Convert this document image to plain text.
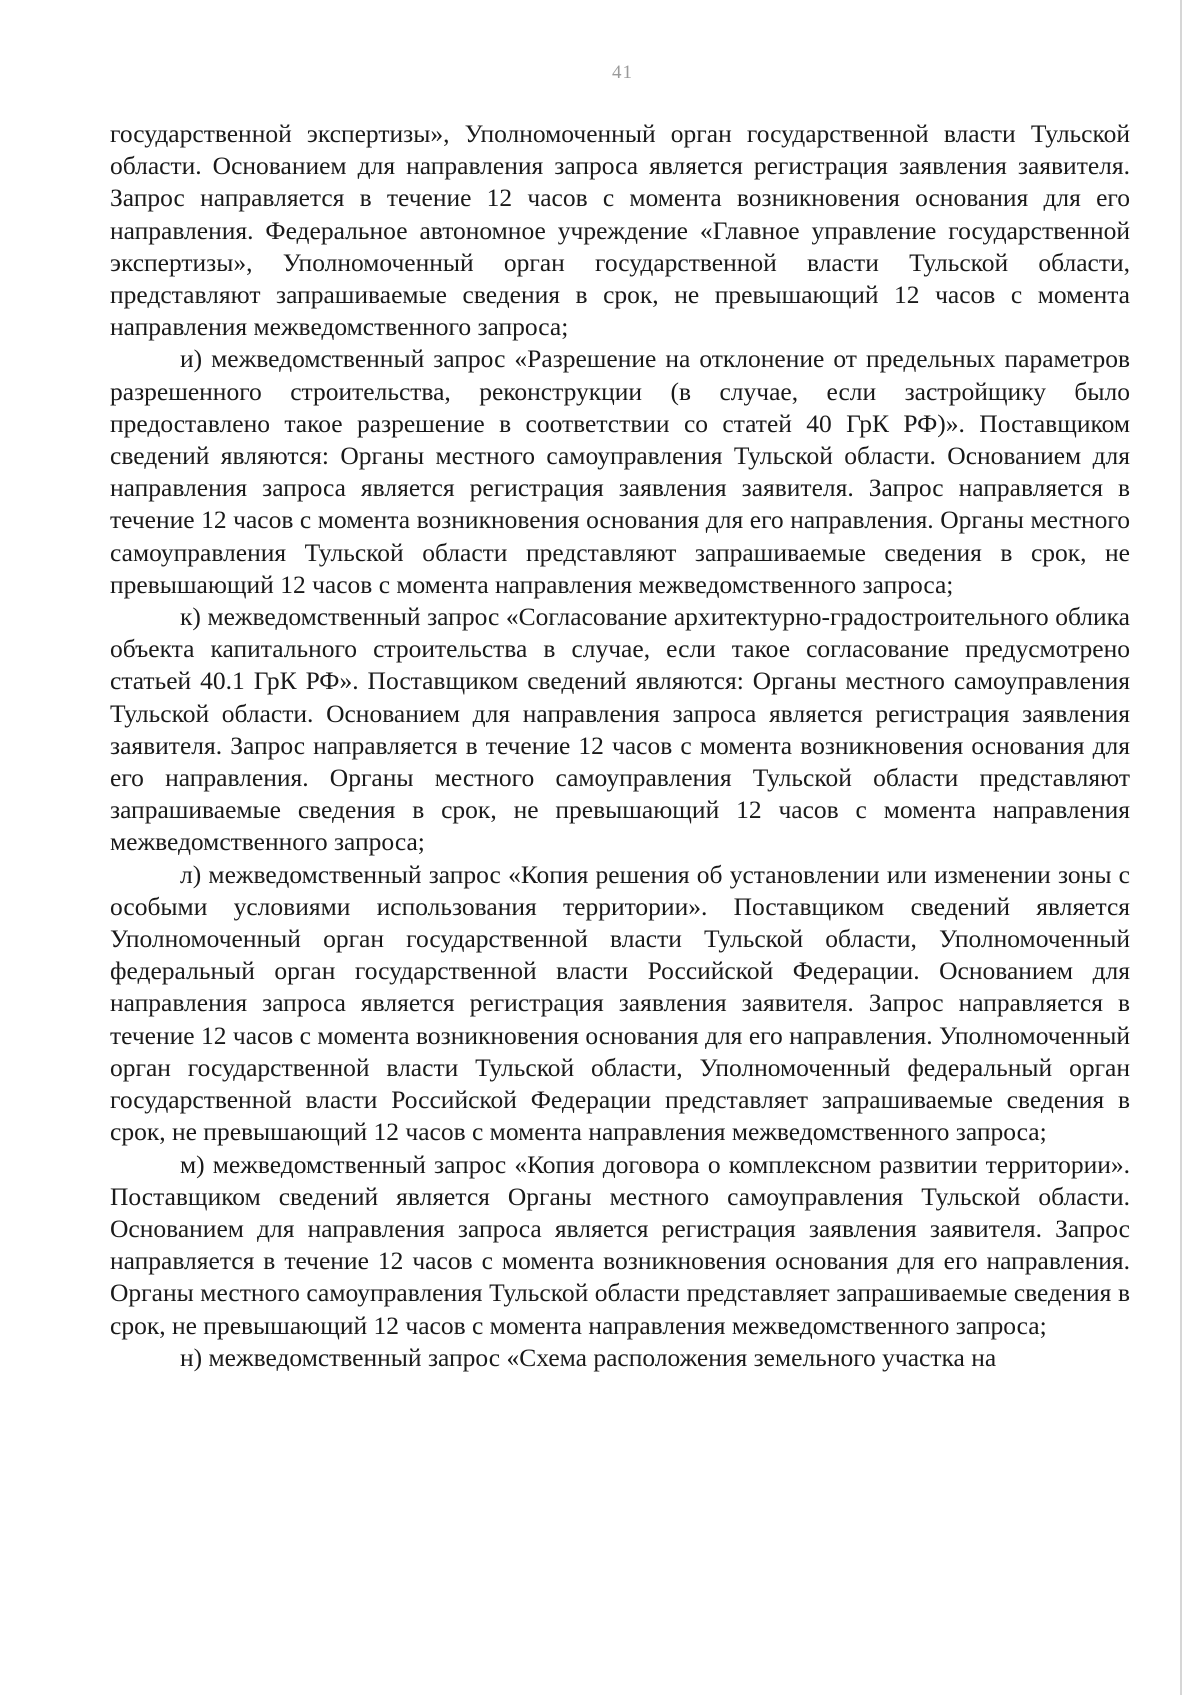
41

государственной экспертизы», Уполномоченный орган государственной власти Тульской области. Основанием для направления запроса является регистрация заявления заявителя. Запрос направляется в течение 12 часов с момента возникновения основания для его направления. Федеральное автономное учреждение «Главное управление государственной экспертизы», Уполномоченный орган государственной власти Тульской области, представляют запрашиваемые сведения в срок, не превышающий 12 часов с момента направления межведомственного запроса;

и) межведомственный запрос «Разрешение на отклонение от предельных параметров разрешенного строительства, реконструкции (в случае, если застройщику было предоставлено такое разрешение в соответствии со статей 40 ГрК РФ)». Поставщиком сведений являются: Органы местного самоуправления Тульской области. Основанием для направления запроса является регистрация заявления заявителя. Запрос направляется в течение 12 часов с момента возникновения основания для его направления. Органы местного самоуправления Тульской области представляют запрашиваемые сведения в срок, не превышающий 12 часов с момента направления межведомственного запроса;

к) межведомственный запрос «Согласование архитектурно-градостроительного облика объекта капитального строительства в случае, если такое согласование предусмотрено статьей 40.1 ГрК РФ». Поставщиком сведений являются: Органы местного самоуправления Тульской области. Основанием для направления запроса является регистрация заявления заявителя. Запрос направляется в течение 12 часов с момента возникновения основания для его направления. Органы местного самоуправления Тульской области представляют запрашиваемые сведения в срок, не превышающий 12 часов с момента направления межведомственного запроса;

л) межведомственный запрос «Копия решения об установлении или изменении зоны с особыми условиями использования территории». Поставщиком сведений является Уполномоченный орган государственной власти Тульской области, Уполномоченный федеральный орган государственной власти Российской Федерации. Основанием для направления запроса является регистрация заявления заявителя. Запрос направляется в течение 12 часов с момента возникновения основания для его направления. Уполномоченный орган государственной власти Тульской области, Уполномоченный федеральный орган государственной власти Российской Федерации представляет запрашиваемые сведения в срок, не превышающий 12 часов с момента направления межведомственного запроса;

м) межведомственный запрос «Копия договора о комплексном развитии территории». Поставщиком сведений является Органы местного самоуправления Тульской области. Основанием для направления запроса является регистрация заявления заявителя. Запрос направляется в течение 12 часов с момента возникновения основания для его направления. Органы местного самоуправления Тульской области представляет запрашиваемые сведения в срок, не превышающий 12 часов с момента направления межведомственного запроса;

н) межведомственный запрос «Схема расположения земельного участка на
